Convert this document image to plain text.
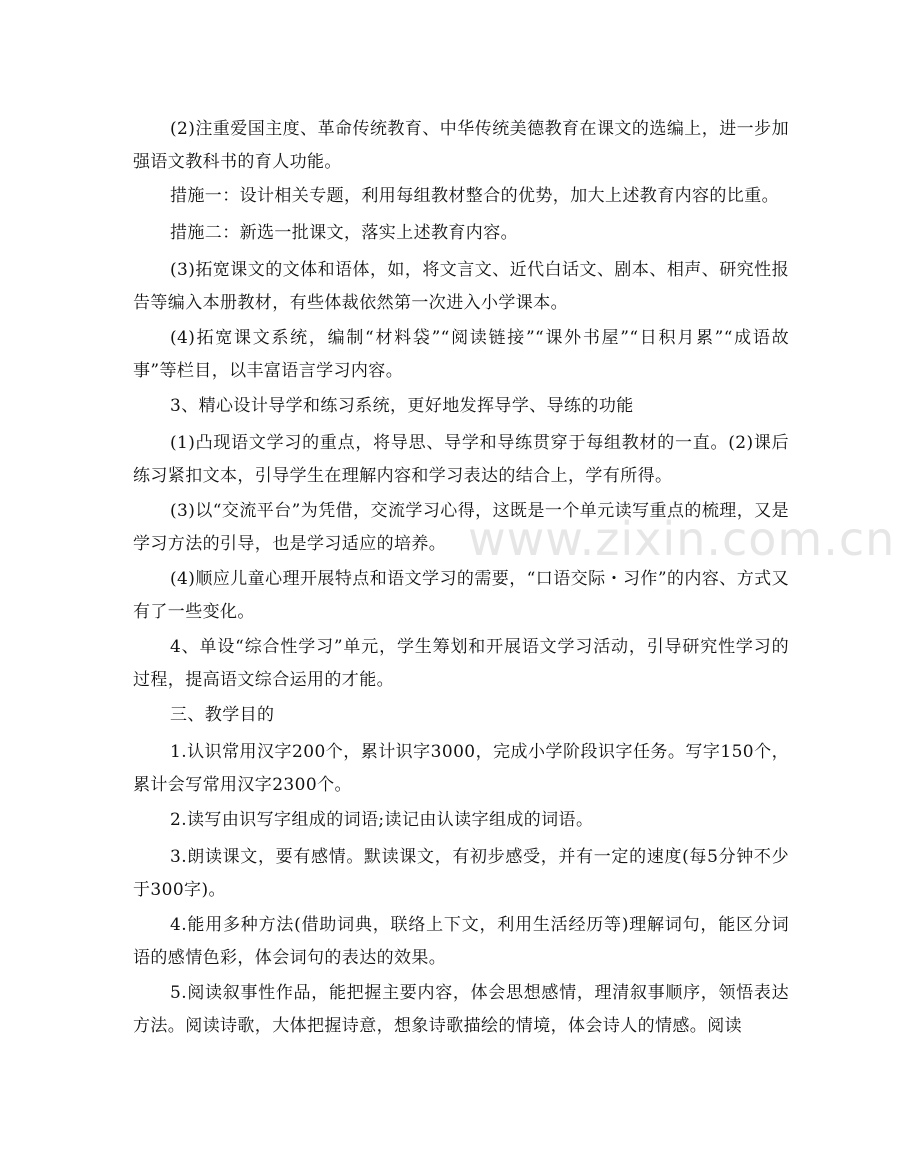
(2)注重爱国主度、革命传统教育、中华传统美德教育在课文的选编上，进一步加强语文教科书的育人功能。

措施一：设计相关专题，利用每组教材整合的优势，加大上述教育内容的比重。

措施二：新选一批课文，落实上述教育内容。

(3)拓宽课文的文体和语体，如，将文言文、近代白话文、剧本、相声、研究性报告等编入本册教材，有些体裁依然第一次进入小学课本。

(4)拓宽课文系统，编制“材料袋”“阅读链接”“课外书屋”“日积月累”“成语故事”等栏目，以丰富语言学习内容。

3、精心设计导学和练习系统，更好地发挥导学、导练的功能

(1)凸现语文学习的重点，将导思、导学和导练贯穿于每组教材的一直。(2)课后练习紧扣文本，引导学生在理解内容和学习表达的结合上，学有所得。

(3)以“交流平台”为凭借，交流学习心得，这既是一个单元读写重点的梳理，又是学习方法的引导，也是学习适应的培养。

(4)顺应儿童心理开展特点和语文学习的需要，“口语交际・习作”的内容、方式又有了一些变化。

4、单设“综合性学习”单元，学生筹划和开展语文学习活动，引导研究性学习的过程，提高语文综合运用的才能。

三、教学目的

1.认识常用汉字200个，累计识字3000，完成小学阶段识字任务。写字150个，累计会写常用汉字2300个。

2.读写由识写字组成的词语;读记由认读字组成的词语。

3.朗读课文，要有感情。默读课文，有初步感受，并有一定的速度(每5分钟不少于300字)。

4.能用多种方法(借助词典，联络上下文，利用生活经历等)理解词句，能区分词语的感情色彩，体会词句的表达的效果。

5.阅读叙事性作品，能把握主要内容，体会思想感情，理清叙事顺序，领悟表达方法。阅读诗歌，大体把握诗意，想象诗歌描绘的情境，体会诗人的情感。阅读

www.zixin.com.cn
